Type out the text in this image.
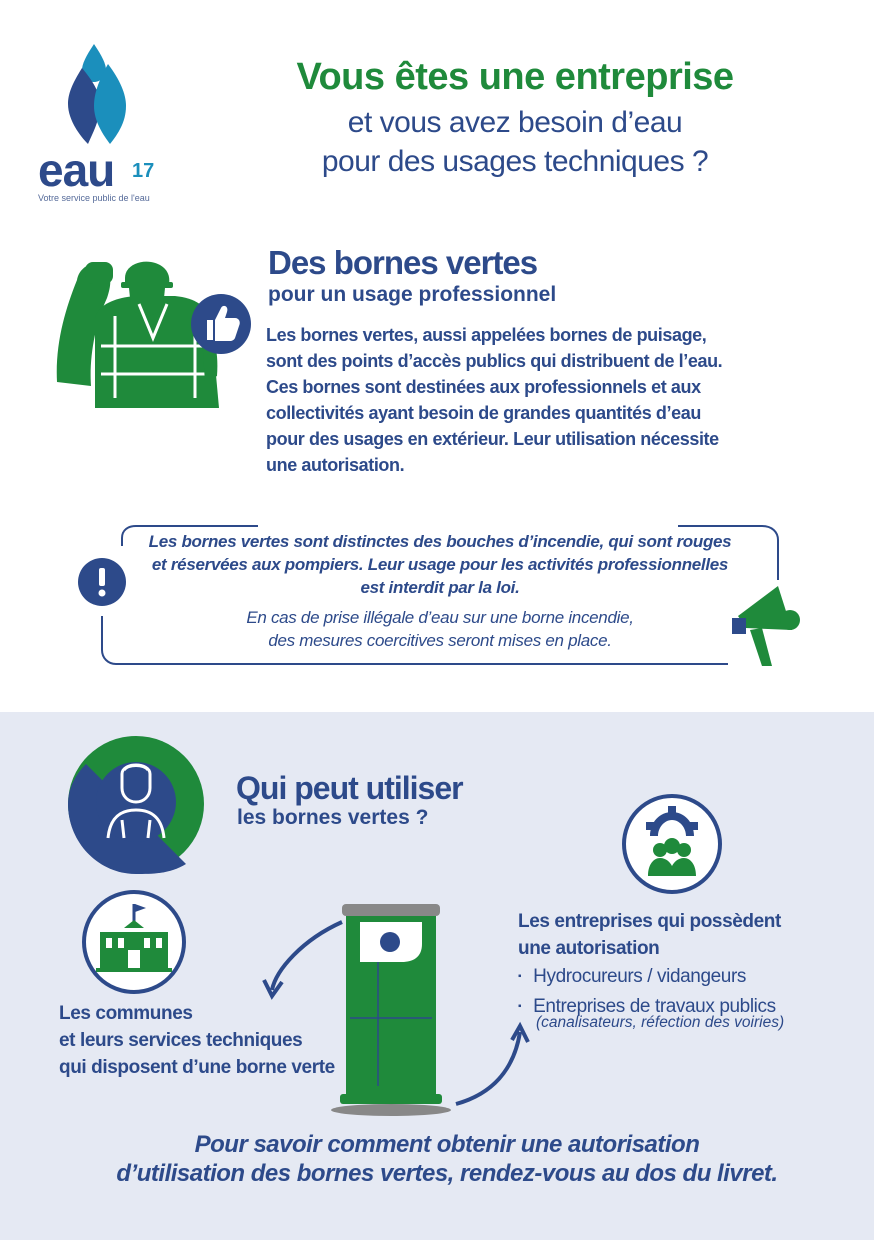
eau 17
Votre service public de l'eau
Vous êtes une entreprise
et vous avez besoin d’eau
pour des usages techniques ?
Des bornes vertes
pour un usage professionnel
Les bornes vertes, aussi appelées bornes de puisage,
sont des points d’accès publics qui distribuent de l’eau.
Ces bornes sont destinées aux professionnels et aux
collectivités ayant besoin de grandes quantités d’eau
pour des usages en extérieur. Leur utilisation nécessite
une autorisation.
Les bornes vertes sont distinctes des bouches d’incendie, qui sont rouges
et réservées aux pompiers. Leur usage pour les activités professionnelles
est interdit par la loi.
En cas de prise illégale d’eau sur une borne incendie,
des mesures coercitives seront mises en place.
Qui peut utiliser
les bornes vertes ?
Les communes
et leurs services techniques
qui disposent d’une borne verte
Les entreprises qui possèdent
une autorisation
▪ Hydrocureurs / vidangeurs
▪ Entreprises de travaux publics
(canalisateurs, réfection des voiries)
Pour savoir comment obtenir une autorisation
d’utilisation des bornes vertes, rendez-vous au dos du livret.
